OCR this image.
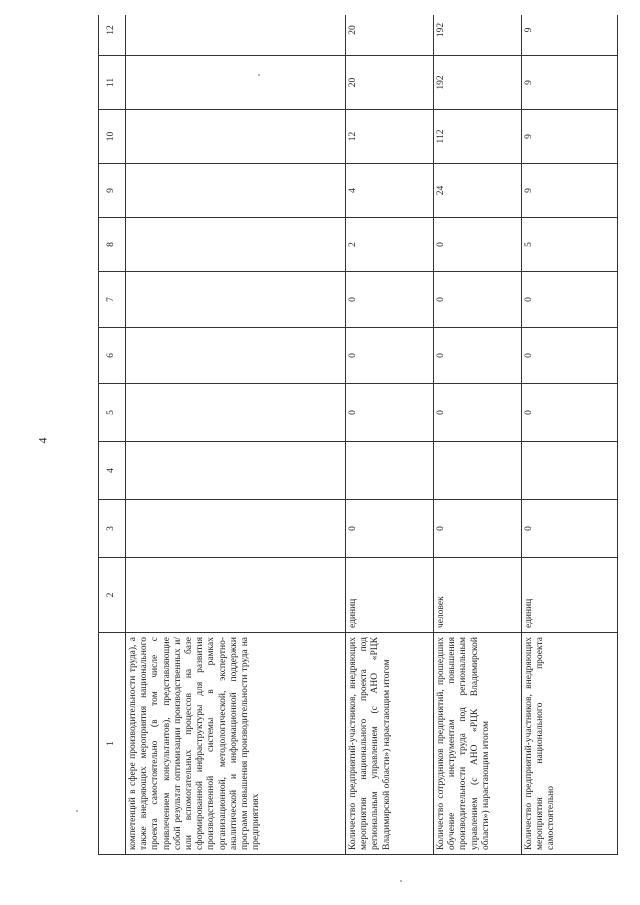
4
1	2	3	4	5	6	7	8	9	10	11	12	
компетенций в сфере производительности труда), а также внедряющих мероприятия национального проекта самостоятельно (в том числе с привлечением консультантов), представляющие собой результат оптимизации производственных и/или вспомогательных процессов на базе сформированной инфраструктуры для развития производственной системы в рамках организационной, методологической, экспертно-аналитической и информационной поддержки программ повышения производительности труда на предприятиях												
Количество предприятий-участников, внедряющих мероприятия национального проекта под региональным управлением (с АНО «РЦК Владимирской области») нарастающим итогом	единиц	0		0	0	0	2	4	12	20	20	
Количество сотрудников предприятий, прошедших обучение инструментам повышения производительности труда под региональным управлением (с АНО «РЦК Владимирской области») нарастающим итогом	человек	0		0	0	0	0	24	112	192	192	
Количество предприятий-участников, внедряющих мероприятия национального проекта самостоятельно	единиц	0		0	0	0	5	9	9	9	9	
